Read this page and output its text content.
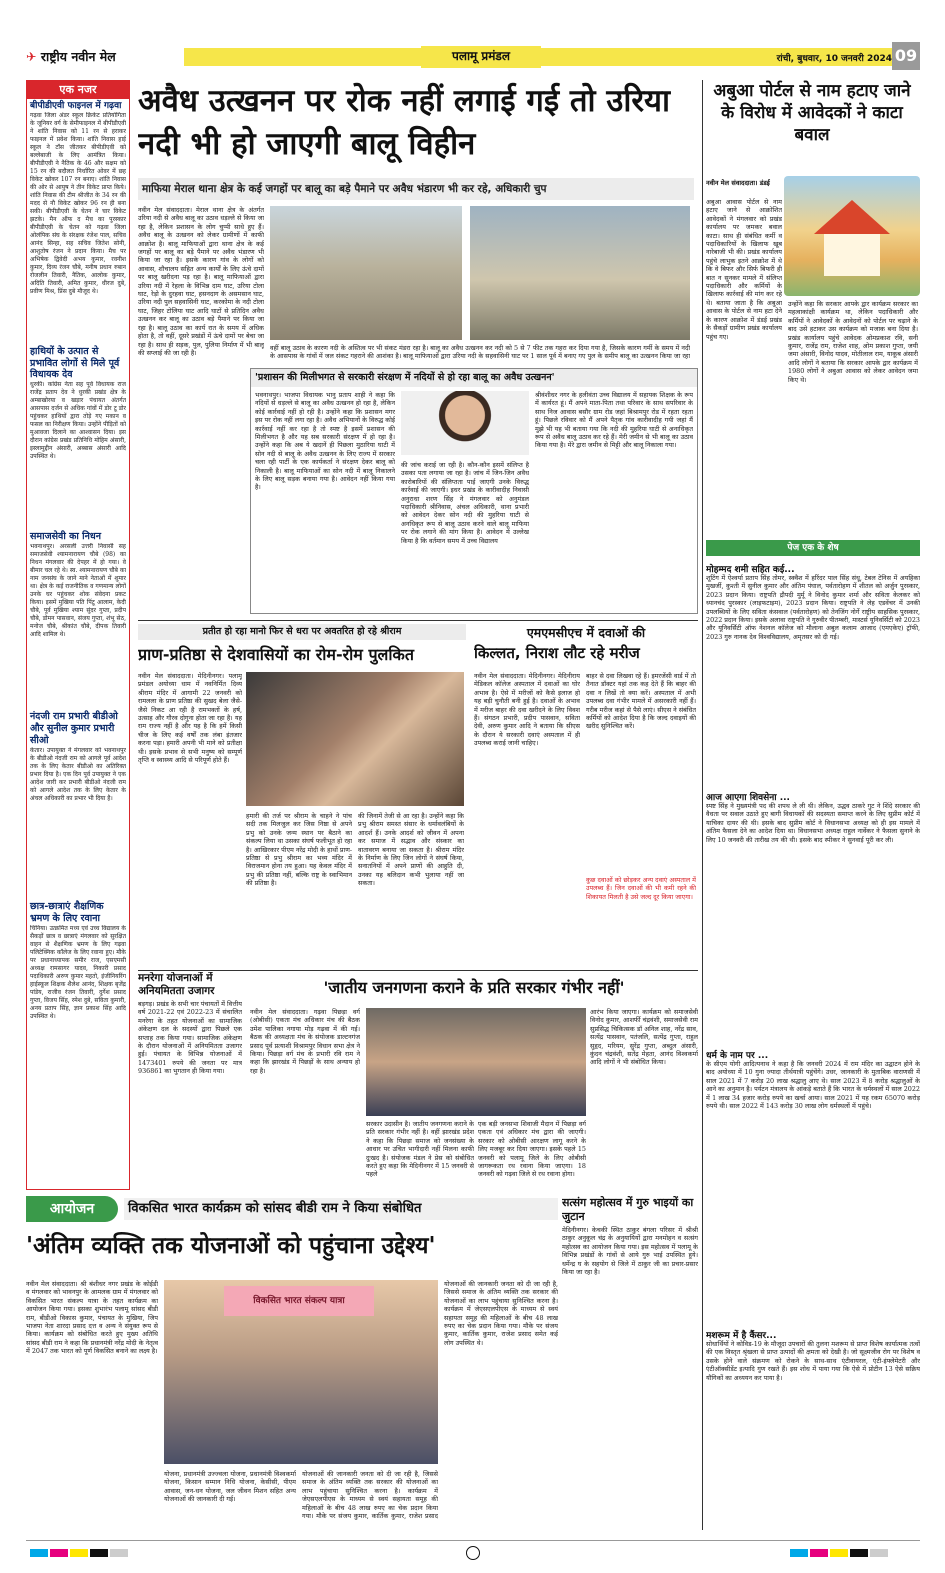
✈ राष्ट्रीय नवीन मेल	पलामू प्रमंडल	रांची, बुधवार, 10 जनवरी 2024 09
एक नजर
बीपीडीएवी फाइनल में गढ़वा
गढ़वा जिला अंडर स्कूल क्रिकेट प्रतियोगिता के जूनियर वर्ग के सेमीफाइनल में बीपीडीएवी ने शांति निवास को 11 रन से हराकर फाइनल में प्रवेश किया। शांति निवास हाई स्कूल ने टॉस जीतकर बीपीडीएवी को बल्लेबाजी के लिए आमंत्रित किया। बीपीडीएवी ने नैतिक के 46 और सक्षम को 15 रन की बदौलत निर्धारित ओवर में छह विकेट खोकर 107 रन बनाए। शांति निवास की ओर से आयुष ने तीन विकेट प्राप्त किये। शांति निवास की टीम श्रीजीत के 34 रन की मदद से नौ विकेट खोकर 96 रन ही बना सकी। बीपीडीएवी के चेतन ने चार विकेट झटके। मैन ऑफ द मैच का पुरस्कार बीपीडीएवी के चेतन को गढ़वा जिला ओलंपिक संघ के संरक्षक रंजेश पाल, सचिव आनंद सिन्हा, सह सचिव जितेश सोनी, आशुतोष रंजन ने प्रदान किया। मैच पर अभिषेक द्विवेदी अभय कुमार, रवनीश कुमार, दिव्य रंजन चौबे, मनीष प्रधान रुबान रोजलीन तिवारी, नैतिक, आलोक कुमार, अदिति तिवारी, अमित कुमार, धीरज दुबे, प्रवीण मिश्र, प्रिंस दुबे मौजूद थे।
हाथियों के उत्पात से प्रभावित लोगों से मिले पूर्व विधायक देव
धुरकी। कांग्रेस नेता सह पूर्व विधायक राज राजेंद्र प्रताप देव ने धुरकी प्रखंड क्षेत्र के अम्बाखोरया व खड़ार पंचायत अंतर्गत आसपास दर्जन से अधिक गांवों में डोर टू डोर पहुंचकर हाथियों द्वारा तोड़े गए मकान व फसल का निरीक्षण किया। उन्होंने पीड़ितों को मुआवजा दिलाने का आश्वासन दिया। इस दौरान कांग्रेस प्रखंड प्रतिनिधि मोहिम अंसारी, इस्लामुद्दीन अंसारी, अब्बास अंसारी आदि उपस्थित थे।
समाजसेवी का निधन
भवनाथपुर। अरसली उत्तरी निवासी सह समाजसेवी श्यामनारायण चौबे (98) का निधन मंगलवार की देपहर में हो गया। वे बीमार चल रहे थे। स्व. श्यामनारायण चौबे का नाम जनसंघ के जाने माने नेताओं में शुमार था। क्षेत्र के कई राजनीतिक व गणमान्य लोगों उनके घर पहुंचकर शोक संवेदना प्रकट किया। इसमें मुखिया पति पिंटू आलाम, केदी चौबे, पूर्व मुखिया श्याम सुंदर गुप्ता, प्रदीप चौबे, डोमन पासवान, संजय गुप्ता, शंभू सेठ, मनोज चौबे, श्रीकांत चौबे, दीपक तिवारी आदि शामिल थे।
नंदजी राम प्रभारी बीडीओ और सुनील कुमार प्रभारी सीओ
केतार। उपायुक्त ने मंगलवार को भवनाथपुर के बीडीओ नंदजी राम को आगले पूर्व आदेश तक के लिए केतार बीडीओ का अतिरिक्त प्रभार दिया है। एक दिन पूर्व उपायुक्त ने एक आदेश जारी कर प्रभारी बीडीओ नंदजी राम को आगले आदेश तक के लिए केतार के अंचल अधिकारी का प्रभार भी दिया है।
छात्र-छात्राएं शैक्षणिक भ्रमण के लिए रवाना
चिनिया। उत्क्रमित मध्य एवं उच्च विद्यालय के सैकड़ों छात्र व छात्राएं मंगलवार को सुरक्षित वाहन से शैक्षणिक भ्रमण के लिए गढ़वा पलिटेक्निक कॉलेज के लिए रवाना हुए। मौके पर प्रधानाध्यापक समीर राज, एसएमसी अध्यक्ष रामसागर यादव, निकारी प्रसाद पदाधिकारी अरुण कुमार महतो, इंजीनियरिंग हाईस्कूल शिक्षक शैलेश आनंद, शिक्षक बृजेंद्र पांडेय, राजीव रंजन तिवारी, दुर्गेश प्रसाद गुप्ता, विजय सिंह, रमेश दुबे, सविता कुमारी, अनय प्रताप सिंह, ज्ञान प्रकाश सिंह आदि उपस्थित थे।
अवैध उत्खनन पर रोक नहीं लगाई गई तो उरिया नदी भी हो जाएगी बालू विहीन
माफिया मेराल थाना क्षेत्र के कई जगहों पर बालू का बड़े पैमाने पर अवैध भंडारण भी कर रहे, अधिकारी चुप
नवीन मेल संवाददाता। मेराल थाना क्षेत्र के अंतर्गत उरिया नदी से अवैध बालू का उठाव धड़ल्ले से किया जा रहा है, लेकिन प्रशासन के लोग चुप्पी साधे हुए हैं। अवैध बालू के उत्खनन को लेकर ग्रामीणों में काफी आक्रोश है। बालू माफियाओं द्वारा थाना क्षेत्र के कई जगहों पर बालू का बड़े पैमाने पर अवैध भंडारण भी किया जा रहा है। इसके कारण गांव के लोगों को आवास, शौचालय सहित अन्य कार्यों के लिए ऊंचे दामों पर बालू खरीदना पड़ रहा है। बालू माफियाओं द्वारा उरिया नदी में रेहला के विभिन्न दाम घाट, उरिया टोला घाट, रेड़ो के दुरहवा घाट, हसनदाग के असमसान घाट, उरिया नदी पुल सहवासिनी घाट, करकोमा के नदी टोला घाट, जिहर टोलिया घाट आदि घाटों से प्रतिदिन अवैध उत्खनन कर बालू का उठाव बड़े पैमाने पर किया जा रहा है। बालू उठाव का कार्य रात के समय में अधिक होता है, तो वहीं, दूसरे प्रखंडों में ऊंचे दामों पर बेचा जा रहा है। साथ ही सड़क, पुल, पुलिया निर्माण में भी बालू की सप्लाई की जा रही है।
वहीं बालू उठाव के कारण नदी के अस्तित्व पर भी संकट मंडरा रहा है। बालू का अवैध उत्खनन कर नदी को 5 से 7 फीट तक गहरा कर दिया गया है, जिसके कारण गर्मी के समय में नदी के आसपास के गांवों में जल संकट गहराने की आशंका है। बालू माफियाओं द्वारा उरिया नदी के सहवासिनी घाट पर 1 साल पूर्व में बनाए गए पुल के समीप बालू का उत्खनन किया जा रहा
'प्रशासन की मिलीभगत से सरकारी संरक्षण में नदियों से हो रहा बालू का अवैध उत्खनन'
भवनाथपुर। भाजपा विधायक भानु प्रताप शाही ने कहा कि नदियों से धड़ल्ले से बालू का अवैध उत्खनन हो रहा है, लेकिन कोई कार्रवाई नहीं हो रही है। उन्होंने कहा कि प्रशासन मगर इस पर रोक नहीं लगा रहा है। अवैध अभियानों के विरुद्ध कोई कार्रवाई नहीं कर रहा है तो स्पष्ट है इसमें प्रशासन की मिलीभगत है और यह सब सरकारी संरक्षण में हो रहा है। उन्होंने कहा कि अब ये खदानें ही पिछला मुठारिया घाटी में सोन नदी से बालू के अवैध उत्खनन के लिए राज्य में सरकार चला रही पार्टी के एक कार्यकर्ता ने संरक्षण देकर बालू को निकाली है। बालू माफियाओं का सोन नदी में बालू निकालने के लिए बालू सड़क बनाया गया है। आवेदन नहीं किया गया है।
की जांच कराई जा रही है। कौन-कौन इसमें संलिप्त है उसका पता लगाया जा रहा है। जांच में जिन-जिन अवैध कारोबारियों की संलिप्तता पाई जाएगी उनके विरुद्ध कार्रवाई की जाएगी। इधर प्रखंड के कारीवादीह निवासी अनुराधा शरण सिंह ने मंगलवार को अनुमंडल पदाधिकारी श्रीनिवास, अंचल अधिकारी, थाना प्रभारी को आवेदन देकर सोन नदी की मुहरिया घाटी से अनधिकृत रूप से बालू उठाव करने वाले बालू माफिया पर रोक लगाने की मांग किया है। आवेदन में उल्लेख किया है कि वर्तमान समय में उच्च विद्यालय
श्रीवंशीधर नगर के हलीवंता उच्च विद्यालय में सहायक शिक्षक के रूप में कार्यरत हूं। मैं अपने माता-पिता तथा परिवार के साथ सपरिवार के साथ निज आवास बसौर ग्राम रोड जहां बिश्रामपुर रोड में रहता रहता हूं। पिछले रविवार को मैं अपने पैतृक गांव कारीवादीह गयी जहां मैं मुझे भी यह भी बताया गया कि नदी की मुहरिया घाटी से अनाधिकृत रूप से अवैध बालू उठाव कर रहे हैं। मेरी जमीन से भी बालू का उठाव किया गया है। मेरे द्वारा जमीन से मिट्टी और बालू निकाला गया।
अबुआ पोर्टल से नाम हटाए जाने के विरोध में आवेदकों ने काटा बवाल
नवीन मेल संवाददाता। डंडई
अबुआ आवास पोर्टल से नाम हटाए जाने से आक्रोशित आवेदकों ने मंगलवार को प्रखंड कार्यालय पर जमकर बवाल काटा। साथ ही संबंधित कर्मी व पदाधिकारियों के खिलाफ खूब नारेबाजी भी की। प्रखंड कार्यालय पहुंचे लाभुक इतने आक्रोश में थे कि वे बिफर और सिर्फ बिफरी ही बात न सुनकर मामले में संलिप्त पदाधिकारी और कर्मियों के खिलाफ कार्रवाई की मांग कर रहे थे। बताया जाता है कि अबुआ आवास के पोर्टल से नाम हटा देने के कारण आक्रोश में डंडई प्रखंड के सैकड़ों ग्रामीण प्रखंड कार्यालय पहुंच गए।
उन्होंने कहा कि सरकार आपके द्वार कार्यक्रम सरकार का महत्वाकांक्षी कार्यक्रम था, लेकिन पदाधिकारी और कर्मियों ने आवेदकों के आवेदनों को पोर्टल पर चढ़ाने के बाद उसे हटाकर उस कार्यक्रम को मजाक बना दिया है। प्रखंड कार्यालय पहुंचे आवेदक ओमप्रकाश रवि, सनी कुमार, राजेंद्र राम, राजेश शाह, ओम प्रकाश गुप्ता, जयी जमा अंसारी, विनोद यादव, मोतीलाल राम, याकूब अंसारी आदि लोगों ने बताया कि सरकार आपके द्वार कार्यक्रम में 1980 लोगों ने अबुआ आवास को लेकर आवेदन जमा किए थे।
पेज एक के शेष
मोहम्मद शमी सहित कई...
शूटिंग में ऐश्वर्या प्रताप सिंह तोमर, स्क्वैश में हरिंदर पाल सिंह संधू, टेबल टेनिस में अयहिका मुखर्जी, कुश्ती में सुनील कुमार और अंतिम पंघाल, पर्वतारोहण में शीतल को अर्जुन पुरस्कार, 2023 प्रदान किया। राष्ट्रपति द्रौपदी मुर्मू ने विनोद कुमार शर्मा और सविता केलकर को ध्यानचंद पुरस्कार (लाइफटाइम), 2023 प्रदान किया। राष्ट्रपति ने लेह एडवेंचर में उनकी उपलब्धियों के लिए सविता कंसवाल (पर्वतारोहण) को तेनजिंग नोर्गे राष्ट्रीय साहसिक पुरस्कार, 2022 प्रदान किया। इसके अलावा राष्ट्रपति ने गुरुवीर पीतम्बरी, मास्टर्स यूनिवर्सिटी को 2023 और यूनिवर्सिटी ऑफ नेशनल कॉलेज को मौलाना अबुल कलाम आजाद (एमएकेए) ट्रॉफी, 2023 गुरु नानक देव विश्वविद्यालय, अमृतसर को दी गई।
आज आएगा शिवसेना ...
स्पष्ट सिंह ने मुख्यमंत्री पद की शपथ ले ली थी। लेकिन, उद्धव ठाकरे गुट ने शिंदे सरकार की वैधता पर सवाल उठाते हुए बागी विधायकों की सदस्यता समाप्त करने के लिए सुप्रीम कोर्ट में याचिका दायर की थी। इसके बाद सुप्रीम कोर्ट ने विधानसभा अध्यक्ष को ही इस मामले में अंतिम फैसला देने का आदेश दिया था। विधानसभा अध्यक्ष राहुल नार्वेकर ने फैसला सुनाने के लिए 10 जनवरी की तारीख तय की थी। इसके बाद स्पीकर ने सुनवाई पूरी कर ली।
धर्म के नाम पर ...
के सीएम योगी आदित्यनाथ ने कहा है कि जनवरी 2024 में राम मंदिर का उद्घाटन होने के बाद अयोध्या में 10 गुना ज्यादा तीर्थयात्री पहुंचेंगे। उधर, जानकारी के मुताबिक वाराणसी में साल 2021 में 7 करोड़ 20 लाख श्रद्धालु आए थे। साल 2023 में 8 करोड़ श्रद्धालुओं के आने का अनुमान है। पर्यटन मंत्रालय के आंकड़े बताते हैं कि भारत के धर्मस्थलों में साल 2022 में 1 लाख 34 हजार करोड़ रुपये का खर्चा आया। साल 2021 में यह रकम 65070 करोड़ रुपये थी। साल 2022 में 143 करोड़ 30 लाख लोग धर्मस्थलों में पहुंचे।
मशरूम में है कैंसर...
सोधार्थियों ने कोविड-19 के मौजूदा उपचारों की तुलना मशरूम से प्राप्त विशेष कार्यात्मक तत्वों की एक विस्तृत श्रृंखला से प्राप्त उत्पादों की क्षमता को देखी है। जो सूक्ष्मजीव रोग पर विशेष व उसके होने वाले संक्रमण को रोकने के साथ-साथ एंटीवायरल, एंटी-इंफ्लेमेटरी और एंटीऑक्सीडेंट इत्यादि गुण रखते हैं। इस शोध में पाया गया कि ऐसे में प्रोटीन 13 ऐसे सक्रिय यौगिकों का अध्ययन कर पाया है।
प्रतीत हो रहा मानो फिर से धरा पर अवतरित हो रहे श्रीराम
प्राण-प्रतिष्ठा से देशवासियों का रोम-रोम पुलकित
नवीन मेल संवाददाता। मेदिनीनगर। पलामू प्रमंडल अयोध्या धाम में नवनिर्मित दिव्य श्रीराम मंदिर में आगामी 22 जनवरी को रामलला के प्राण प्रतिष्ठा की सुखद बेला जैसे-जैसे निकट आ रही है रामभक्तों के हर्ष, उत्साह और गौरव दोगुना होता जा रहा है। यह राम राज्य नहीं है और यह है कि हमें किसी चीज के लिए कई वर्षों तक लंबा इंतजार करना पड़ा। हमारी अपनी भी माने को प्रतीक्षा थी। इसके प्रभाव से सभी मनुष्य को सम्पूर्ण तृप्ति व स्वास्थ्य आदि से परिपूर्ण होते हैं।
हमारी की तर्ज पर श्रीराम के चाहने ने पांच सदी तक मिलजुल कर जिस निष्ठा से अपने प्रभु को उनके जन्म स्थान पर बैठाने का संकल्प लिया था उसका संघर्ष फलीभूत हो रहा है। आखिरकार पीएम नरेंद्र मोदी के हाथों प्राण-प्रतिष्ठा से प्रभु श्रीराम का भव्य मंदिर में विराजमान होना तय हुआ। यह केवल मंदिर में प्रभु की प्रतिष्ठा नहीं, बल्कि राष्ट्र के स्वाभिमान की प्रतिष्ठा है।
की जिनामें तेजी से आ रहा है। उन्होंने कहा कि प्रभु श्रीराम समस्त संसार के धर्मावलंबियों के आदर्श हैं। उनके आदर्श को जीवन में अपना कर समाज में सद्भाव और संस्कार का वातावरण बनाया जा सकता है। श्रीराम मंदिर के निर्माण के लिए जिन लोगों ने संघर्ष किया, सनातनियों में अपने प्राणों की आहुति दी, उनका यह बलिदान कभी भुलाया नहीं जा सकता।
एमएमसीएच में दवाओं की
किल्लत, निराश लौट रहे मरीज
नवीन मेल संवाददाता। मेदिनीनगर। मेदिनीराय मेडिकल कॉलेज अस्पताल में दवाओं का घोर अभाव है। ऐसे में मरीजों को कैसे इलाज हो यह बड़ी चुनौती बनी हुई है। दवाओं के अभाव में मरीज बाहर की दवा खरीदने के लिए विवश हैं। संगठन प्रभारी, प्रदीप पासवान, सविता देवी, अरुण कुमार आदि ने बताया कि सीएस के दौरान ये सरकारी दवाएं अस्पताल में ही उपलब्ध कराई जानी चाहिए।
बाहर से दवा लिखवा रहे हैं। इमरजेंसी वार्ड में तो तैनात डॉक्टर यहां तक कह देते हैं कि बाहर की दवा न लिखें तो क्या करें। अस्पताल में अभी उपलब्ध दवा गंभीर मामले में असरकारी नहीं हैं। गरीब मरीज कहां से पैसे लाएं। सीएस ने संबंधित कर्मियों को आदेश दिया है कि जल्द दवाइयों की खरीद सुनिश्चित करें।
कुछ दवाओं को छोड़कर अन्य दवाएं अस्पताल में उपलब्ध हैं। जिन दवाओं की भी कमी रहने की शिकायत मिलती है उसे जल्द दूर किया जाएगा।
मनरेगा योजनाओं में अनियमितता उजागर
बड़गड़। प्रखंड के सभी चार पंचायतों में वित्तीय वर्ष 2021-22 एवं 2022-23 में संचालित मनरेगा के तहत योजनाओं का सामाजिक अंकेक्षण दल के सदस्यों द्वारा पिछले एक सप्ताह तक किया गया। सामाजिक अंकेक्षण के दौरान योजनाओं में अनियमितता उजागर हुई। पंचायत के विभिन्न योजनाओं में 1473401 रुपये की जनता पर मात्र 936861 का भुगतान ही किया गया।
'जातीय जनगणना कराने के प्रति सरकार गंभीर नहीं'
नवीन मेल संवाददाता। गढ़वा पिछड़ा वर्ग (ओबीसी) एकता मंच अधिकार मंच की बैठक उमेश पालिका नगाया मोड़ गढ़वा में की गई। बैठक की अध्यक्षता मंच के संयोजक डाल्टनगंज प्रसाद पूर्व प्रत्याशी विश्रामपुर विधान सभा क्षेत्र ने किया। पिछड़ा वर्ग मंच के प्रभारी रवि राम ने कहा कि झारखंड में पिछड़ों के साथ अन्याय हो रहा है।
सरकार उदासीन है। जातीय जनगणना कराने के प्रति सरकार गंभीर नहीं है। वहीं झारखंड प्रदेश ने कहा कि पिछड़ा समाज को जनसंख्या के आधार पर उचित भागीदारी नहीं मिलना काफी दुःखद है। संयोजक मंडल ने प्रेस को संबोधित करते हुए कहा कि मेदिनीनगर में 15 जनवरी से पहले
एक बड़ी जनसभा शिवाजी मैदान में पिछड़ा वर्ग एकता एवं अधिकार मंच द्वारा की जाएगी। सरकार को ओबीसी आरक्षण लागू करने के लिए मजबूर कर दिया जाएगा। इसके पहले 15 जनवरी को पलामू जिले के लिए ओबीसी जागरूकता रथ रवाना किया जाएगा। 18 जनवरी को गढ़वा जिले से रथ रवाना होगा।
आरंभ किया जाएगा। कार्यक्रम को समाजसेवी विनोद कुमार, आशर्फी चंद्रवंशी, समाजसेवी राम सुप्रसिद्ध चिकित्सक डॉ अनिल शाह, नरेंद्र साव, सत्येंद्र पासवान, पतंजलि, सत्येंद्र गुप्ता, राहुल सुहृद, मरियम, सुरेंद्र गुप्ता, अब्दुल अंसारी, कुंदन चंद्रवंशी, सतेंद्र मेहता, आनंद विश्वकर्मा आदि लोगों ने भी संबोधित किया।
आयोजन	विकसित भारत कार्यक्रम को सांसद बीडी राम ने किया संबोधित
'अंतिम व्यक्ति तक योजनाओं को पहुंचाना उद्देश्य'
नवीन मेल संवाददाता। श्री बंशीधर नगर प्रखंड के कोईडी व मंगलवार को भावनपुर के आमलक ग्राम में मंगलवार को विकसित भारत संकल्प यात्रा के तहत कार्यक्रम का आयोजन किया गया। इसका शुभारंभ पलामू सांसद बीडी राम, बीडीओ विकास कुमार, पंचायत के मुखिया, जिप भाजपा नेता शारदा प्रसाद दत्त व अन्य ने संयुक्त रूप से किया। कार्यक्रम को संबोधित करते हुए मुख्य अतिथि सांसद बीडी राम ने कहा कि प्रधानमंत्री नरेंद्र मोदी के नेतृत्व में 2047 तक भारत को पूर्ण विकसित बनाने का लक्ष्य है।
विकसित भारत संकल्प यात्रा
योजना, प्रधानमंत्री उज्ज्वला योजना, प्रधानमंत्री विश्वकर्मा योजना, किसान सम्मान निधि योजना, केसीसी, पीएम आवास, जन-धन योजना, जल जीवन मिशन सहित अन्य योजनाओं की जानकारी दी गई।
योजनाओं की जानकारी जनता को दी जा रही है, जिससे समाज के अंतिम व्यक्ति तक सरकार की योजनाओं का लाभ पहुंचाया सुनिश्चित करना है। कार्यक्रम में जेएसएलपीएस के माध्यम से स्वयं सहायता समूह की महिलाओं के बीच 48 लाख रुपए का चेक प्रदान किया गया। मौके पर संजय कुमार, कार्तिक कुमार, राजेश प्रसाद
योजनाओं की जानकारी जनता को दी जा रही है, जिससे समाज के अंतिम व्यक्ति तक सरकार की योजनाओं का लाभ पहुंचाया सुनिश्चित करना है। कार्यक्रम में जेएसएलपीएस के माध्यम से स्वयं सहायता समूह की महिलाओं के बीच 48 लाख रुपए का चेक प्रदान किया गया। मौके पर संजय कुमार, कार्तिक कुमार, राजेश प्रसाद समेत कई लोग उपस्थित थे।
सत्संग महोत्सव में गुरु भाइयों का जुटान
मेदिनीनगर। केचकी स्थित ठाकुर बंगला परिसर में श्रीश्री ठाकुर अनुकूल चंद्र के अनुयायियों द्वारा मनमोहन व सत्संग महोत्सव का आयोजन किया गया। इस महोत्सव में पलामू के विभिन्न प्रखंडों के गांवों से आये गुरु भाई उपस्थित हुये। धर्मेन्द्र घ के सहयोग से जिले में ठाकुर जी का प्रचार-प्रसार किया जा रहा है।
